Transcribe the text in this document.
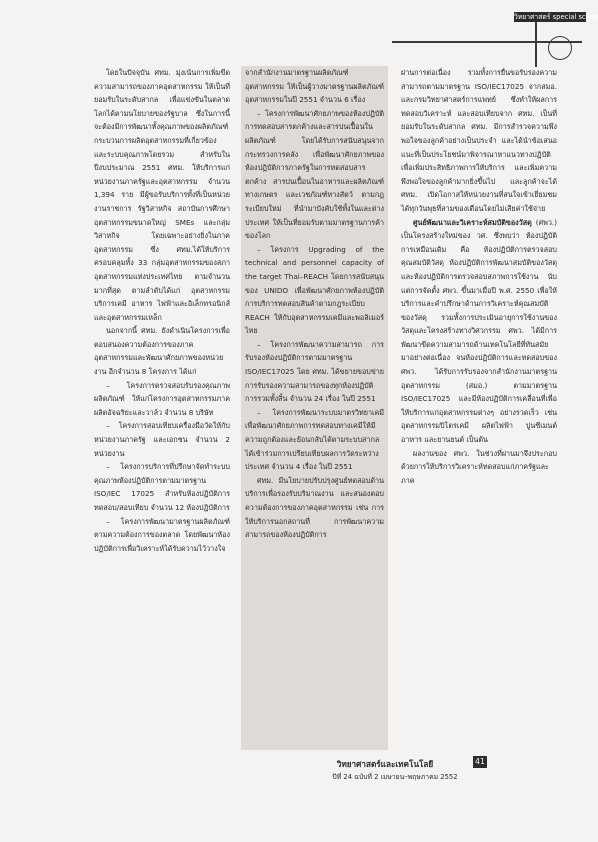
วิทยาศาสตร์ special scoop

โดยในปัจจุบัน ศทม. มุ่งเน้นการเพิ่มขีดความสามารถของภาคอุตสาหกรรม ให้เป็นที่ยอมรับในระดับสากล เพื่อแข่งขันในตลาดโลกได้ตามนโยบายของรัฐบาล ซึ่งในการนี้ จะต้องมีการพัฒนาทั้งคุณภาพของผลิตภัณฑ์ กระบวนการผลิตอุตสาหกรรมที่เกี่ยวข้อง และระบบคุณภาพโดยรวม สำหรับในปีงบประมาณ 2551 ศทม. ให้บริการแก่หน่วยงานภาครัฐและอุตสาหกรรม จำนวน 1,394 ราย มีผู้ขอรับบริการทั้งที่เป็นหน่วยงานราชการ รัฐวิสาหกิจ สถาบันการศึกษาอุตสาหกรรมขนาดใหญ่ SMEs และกลุ่มวิสาหกิจ โดยเฉพาะอย่างยิ่งในภาคอุตสาหกรรม ซึ่ง ศทม.ได้ให้บริการครอบคลุมทั้ง 33 กลุ่มอุตสาหกรรมของสภาอุตสาหกรรมแห่งประเทศไทย ตามจำนวนมากที่สุด ตามลำดับได้แก่ อุตสาหกรรมบริการเคมี อาหาร ไฟฟ้าและอิเล็กทรอนิกส์ และอุตสาหกรรมเหล็ก

นอกจากนี้ ศทม. ยังดำเนินโครงการเพื่อตอบสนองความต้องการของภาคอุตสาหกรรมและพัฒนาศักยภาพของหน่วยงาน อีกจำนวน 8 โครงการ ได้แก่

– โครงการตรวจสอบรับรองคุณภาพผลิตภัณฑ์ ให้แก่โครงการอุตสาหกรรมภาคผลิตอัจฉริยะและวาล์ว จำนวน 8 บริษัท

– โครงการสอบเทียบเครื่องมือวัดให้กับหน่วยงานภาครัฐ และเอกชน จำนวน 2 หน่วยงาน

– โครงการบริการที่ปรึกษาจัดทำระบบคุณภาพห้องปฏิบัติการตามมาตรฐาน ISO/IEC 17025 สำหรับห้องปฏิบัติการทดสอบ/สอบเทียบ จำนวน 12 ห้องปฏิบัติการ

– โครงการพัฒนามาตรฐานผลิตภัณฑ์ตามความต้องการของตลาด โดยพัฒนาห้องปฏิบัติการเพื่อวิเคราะห์ได้รับความไว้วางใจ

จากสำนักงานมาตรฐานผลิตภัณฑ์อุตสาหกรรม ให้เป็นผู้วางมาตรฐานผลิตภัณฑ์อุตสาหกรรมในปี 2551 จำนวน 6 เรื่อง

– โครงการพัฒนาศักยภาพของห้องปฏิบัติการทดสอบสารตกค้างและสารปนเปื้อนในผลิตภัณฑ์ โดยได้รับการสนับสนุนจากกระทรวงการคลัง เพื่อพัฒนาศักยภาพของห้องปฏิบัติการภาครัฐในการทดสอบสารตกค้าง สารปนเปื้อนในอาหารและผลิตภัณฑ์ทางเกษตร และเวชภัณฑ์ทางสัตว์ ตามกฎระเบียบใหม่ ที่นำมาบังคับใช้ทั้งในและต่างประเทศ ให้เป็นที่ยอมรับตามมาตรฐานการค้าของโลก

– โครงการ Upgrading of the technical and personnel capacity of the target Thai–REACH โดยการสนับสนุนของ UNIDO เพื่อพัฒนาศักยภาพห้องปฏิบัติการบริการทดสอบสินค้าตามกฎระเบียบ REACH ให้กับอุตสาหกรรมเคมีและพอลิเมอร์ไทย

– โครงการพัฒนาความสามารถ การรับรองห้องปฏิบัติการตามมาตรฐาน ISO/IEC17025 โดย ศทม. ได้ขยายขอบข่ายการรับรองความสามารถของทุกห้องปฏิบัติการรวมทั้งสิ้น จำนวน 24 เรื่อง ในปี 2551

– โครงการพัฒนาระบบมาตรวิทยาเคมี เพื่อพัฒนาศักยภาพการทดสอบทางเคมีให้มีความถูกต้องและย้อนกลับได้ตามระบบสากล ได้เข้าร่วมการเปรียบเทียบผลการวัดระหว่างประเทศ จำนวน 4 เรื่อง ในปี 2551

ศทม. มีนโยบายปรับปรุงศูนย์ทดสอบด้านบริการเพื่อรองรับบริมาณงาน และสนองตอบความต้องการของภาคอุตสาหกรรม เช่น การให้บริการนอกสถานที่ การพัฒนาความสามารถของห้องปฏิบัติการ

ผ่านการต่อเนื่อง รวมทั้งการยื่นขอรับรองความสามารถตามมาตรฐาน ISO/IEC17025 จากสมอ. และกรมวิทยาศาสตร์การแพทย์ ซึ่งทำให้ผลการทดสอบวิเคราะห์ และสอบเทียบจาก ศทม. เป็นที่ยอมรับในระดับสากล ศทม. มีการสำรวจความพึงพอใจของลูกค้าอย่างเป็นประจำ และได้นำข้อเสนอแนะที่เป็นประโยชน์มาพิจารณาหาแนวทางปฏิบัติ เพื่อเพิ่มประสิทธิภาพการให้บริการ และเพิ่มความพึงพอใจของลูกค้ามากยิ่งขึ้นไป และลูกค้าจะได้ ศทม. เปิดโอกาสให้หน่วยงานที่สนใจเข้าเยี่ยมชมได้ทุกวันพุธที่สามของเดือนโดยไม่เสียค่าใช้จ่าย

ศูนย์พัฒนาและวิเคราะห์สมบัติของวัสดุ (ศพว.) เป็นโครงสร้างใหม่ของ วศ. ซึ่งพบว่า ห้องปฏิบัติการเหมือนเดิม คือ ห้องปฏิบัติการตรวจสอบคุณสมบัติวัสดุ ห้องปฏิบัติการพัฒนาสมบัติของวัสดุ และห้องปฏิบัติการตรวจสอบสภาพการใช้งาน นับแต่การจัดตั้ง ศพว. ขึ้นมาเมื่อปี พ.ศ. 2550 เพื่อให้บริการและคำปรึกษาด้านการวิเคราะห์คุณสมบัติของวัสดุ รวมทั้งการประเมินอายุการใช้งานของวัสดุและโครงสร้างทางวิศวกรรม ศพว. ได้มีการพัฒนาขีดความสามารถด้านเทคโนโลยีที่ทันสมัยมาอย่างต่อเนื่อง จนห้องปฏิบัติการและทดสอบของ ศพว. ได้รับการรับรองจากสำนักงานมาตรฐานอุตสาหกรรม (สมอ.) ตามมาตรฐาน ISO/IEC17025 และมีห้องปฏิบัติการเคลื่อนที่เพื่อให้บริการแก่อุตสาหกรรมต่างๆ อย่างรวดเร็ว เช่น อุตสาหกรรมปิโตรเคมี ผลิตไฟฟ้า ปูนซีเมนต์ อาหาร และยานยนต์ เป็นต้น

ผลงานของ ศพว. ในช่วงที่ผ่านมาจึงประกอบด้วยการให้บริการวิเคราะห์ทดสอบแก่ภาครัฐและภาค

วิทยาศาสตร์และเทคโนโลยี	41
ปีที่ 24 ฉบับที่ 2 เมษายน–พฤษภาคม 2552
